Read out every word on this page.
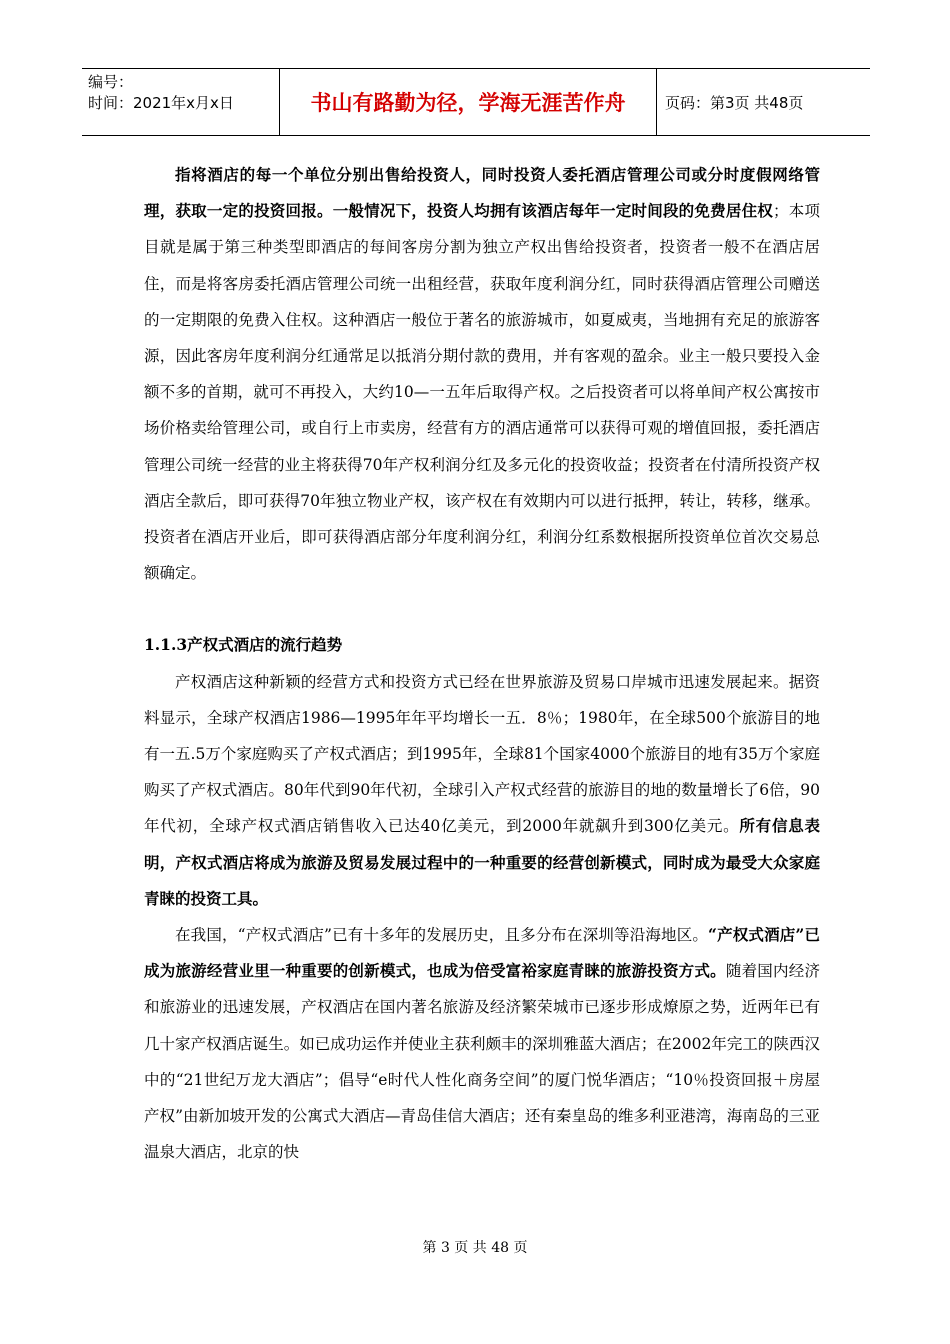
编号：
时间：2021年x月x日	书山有路勤为径，学海无涯苦作舟	页码：第3页 共48页

指将酒店的每一个单位分别出售给投资人，同时投资人委托酒店管理公司或分时度假网络管理，获取一定的投资回报。一般情况下，投资人均拥有该酒店每年一定时间段的免费居住权；本项目就是属于第三种类型即酒店的每间客房分割为独立产权出售给投资者，投资者一般不在酒店居住，而是将客房委托酒店管理公司统一出租经营，获取年度利润分红，同时获得酒店管理公司赠送的一定期限的免费入住权。这种酒店一般位于著名的旅游城市，如夏威夷，当地拥有充足的旅游客源，因此客房年度利润分红通常足以抵消分期付款的费用，并有客观的盈余。业主一般只要投入金额不多的首期，就可不再投入，大约10—一五年后取得产权。之后投资者可以将单间产权公寓按市场价格卖给管理公司，或自行上市卖房，经营有方的酒店通常可以获得可观的增值回报，委托酒店管理公司统一经营的业主将获得70年产权利润分红及多元化的投资收益；投资者在付清所投资产权酒店全款后，即可获得70年独立物业产权，该产权在有效期内可以进行抵押，转让，转移，继承。投资者在酒店开业后，即可获得酒店部分年度利润分红，利润分红系数根据所投资单位首次交易总额确定。

1.1.3产权式酒店的流行趋势

产权酒店这种新颖的经营方式和投资方式已经在世界旅游及贸易口岸城市迅速发展起来。据资料显示，全球产权酒店1986—1995年年平均增长一五．8％；1980年，在全球500个旅游目的地有一五.5万个家庭购买了产权式酒店；到1995年，全球81个国家4000个旅游目的地有35万个家庭购买了产权式酒店。80年代到90年代初，全球引入产权式经营的旅游目的地的数量增长了6倍，90年代初，全球产权式酒店销售收入已达40亿美元，到2000年就飙升到300亿美元。所有信息表明，产权式酒店将成为旅游及贸易发展过程中的一种重要的经营创新模式，同时成为最受大众家庭青睐的投资工具。

在我国，“产权式酒店”已有十多年的发展历史，且多分布在深圳等沿海地区。“产权式酒店”已成为旅游经营业里一种重要的创新模式，也成为倍受富裕家庭青睐的旅游投资方式。随着国内经济和旅游业的迅速发展，产权酒店在国内著名旅游及经济繁荣城市已逐步形成燎原之势，近两年已有几十家产权酒店诞生。如已成功运作并使业主获利颇丰的深圳雅蓝大酒店；在2002年完工的陕西汉中的“21世纪万龙大酒店”；倡导“e时代人性化商务空间”的厦门悦华酒店；“10％投资回报＋房屋产权”由新加坡开发的公寓式大酒店—青岛佳信大酒店；还有秦皇岛的维多利亚港湾，海南岛的三亚温泉大酒店，北京的快

第 3 页 共 48 页
